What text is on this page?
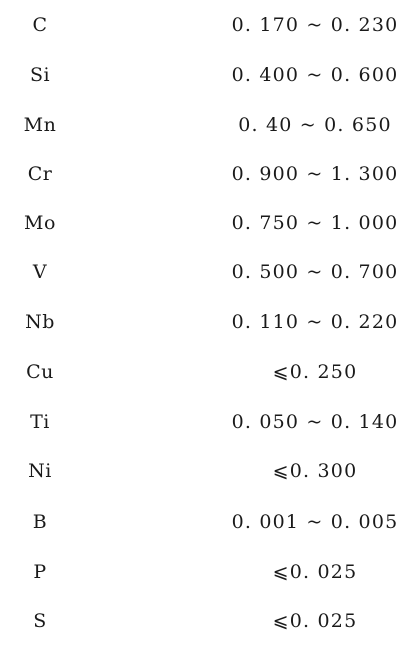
C	0. 170 ~ 0. 230
Si	0. 400 ~ 0. 600
Mn	0. 40 ~ 0. 650
Cr	0. 900 ~ 1. 300
Mo	0. 750 ~ 1. 000
V	0. 500 ~ 0. 700
Nb	0. 110 ~ 0. 220
Cu	⩽0. 250
Ti	0. 050 ~ 0. 140
Ni	⩽0. 300
B	0. 001 ~ 0. 005
P	⩽0. 025
S	⩽0. 025
